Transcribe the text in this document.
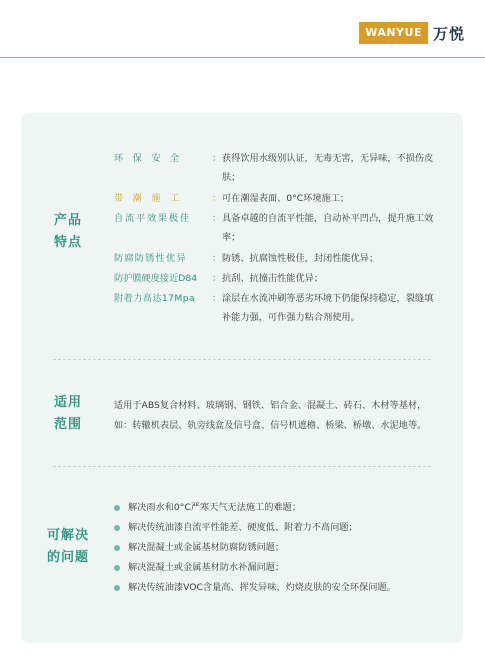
WANYUE 万悦
产品
特点
环保安全	： 获得饮用水级别认证，无毒无害，无异味，不损伤皮肤；
带潮施工	： 可在潮湿表面、0°C环境施工；
自流平效果极佳	： 具备卓越的自流平性能，自动补平凹凸，提升施工效率；
防腐防锈性优异	： 防锈、抗腐蚀性极佳，封闭性能优异；
防护膜硬度接近D84	： 抗刮、抗撞击性能优异；
附着力高达17Mpa	： 涂层在水流冲刷等恶劣环境下仍能保持稳定，裂缝填补能力强，可作强力粘合剂使用。
适用
范围
适用于ABS复合材料、玻璃钢、钢铁、铝合金、混凝土、砖石、木材等基材，如：转辙机表层、轨旁线盒及信号盒、信号机遮檐、桥梁、桥墩、水泥地等。
可解决
的问题
解决雨水和0°C严寒天气无法施工的难题；
解决传统油漆自流平性能差、硬度低、附着力不高问题；
解决混凝土或金属基材防腐防锈问题；
解决混凝土或金属基材防水补漏问题；
解决传统油漆VOC含量高、挥发异味、灼烧皮肤的安全环保问题。
